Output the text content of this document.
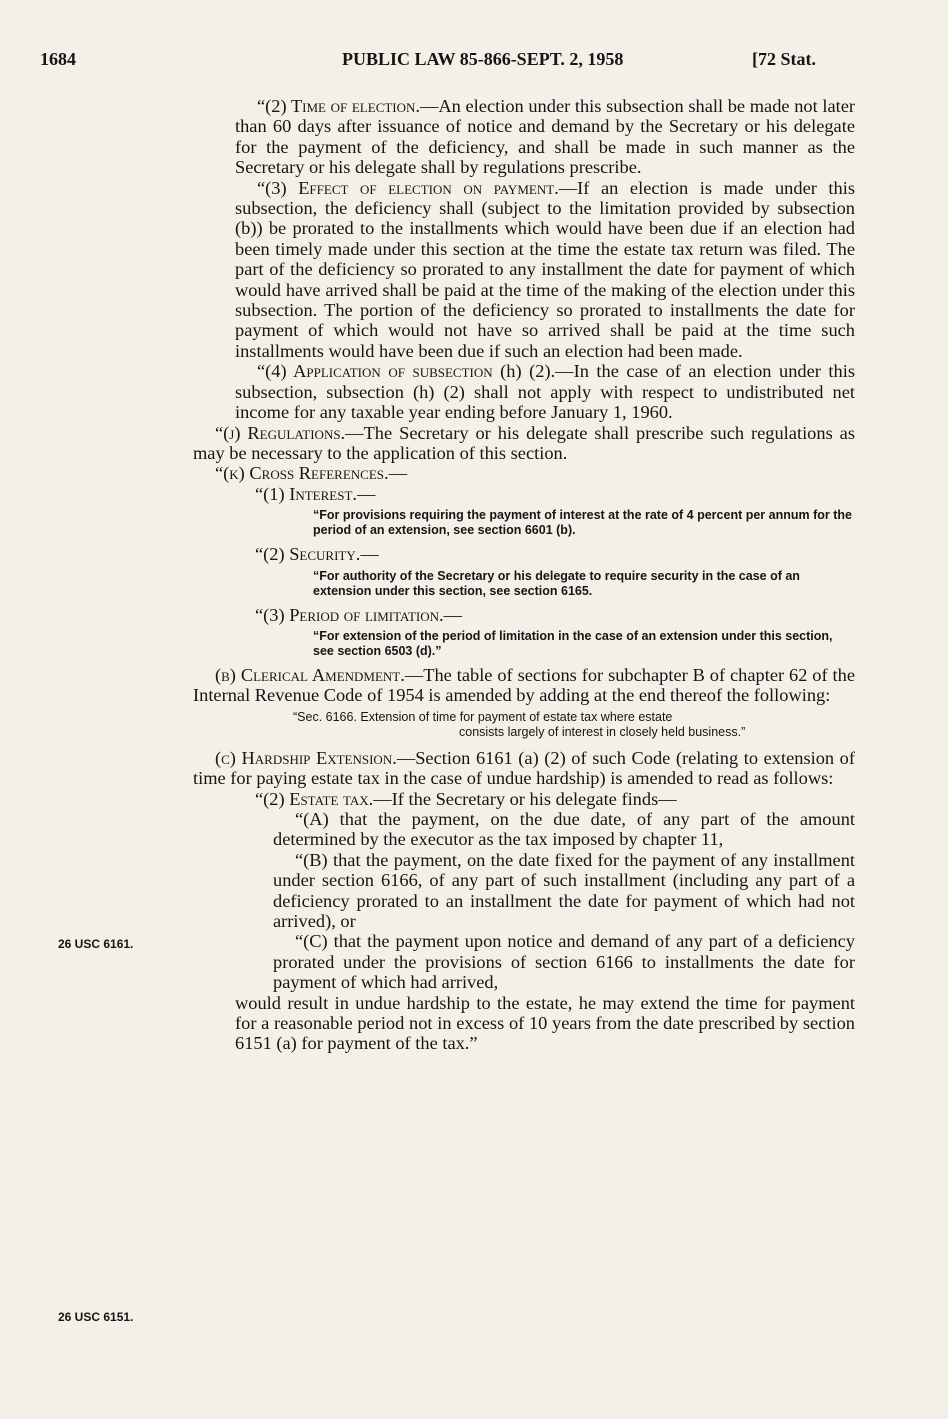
1684	PUBLIC LAW 85-866-SEPT. 2, 1958	[72 Stat.
26 USC 6161.
26 USC 6151.

“(2) Time of election.—An election under this subsection shall be made not later than 60 days after issuance of notice and demand by the Secretary or his delegate for the payment of the deficiency, and shall be made in such manner as the Secretary or his delegate shall by regulations prescribe.

“(3) Effect of election on payment.—If an election is made under this subsection, the deficiency shall (subject to the limitation provided by subsection (b)) be prorated to the installments which would have been due if an election had been timely made under this section at the time the estate tax return was filed. The part of the deficiency so prorated to any installment the date for payment of which would have arrived shall be paid at the time of the making of the election under this subsection. The portion of the deficiency so prorated to installments the date for payment of which would not have so arrived shall be paid at the time such installments would have been due if such an election had been made.

“(4) Application of subsection (h) (2).—In the case of an election under this subsection, subsection (h) (2) shall not apply with respect to undistributed net income for any taxable year ending before January 1, 1960.

“(j) Regulations.—The Secretary or his delegate shall prescribe such regulations as may be necessary to the application of this section.

“(k) Cross References.—

“(1) Interest.—

“For provisions requiring the payment of interest at the rate of 4 percent per annum for the period of an extension, see section 6601 (b).

“(2) Security.—

“For authority of the Secretary or his delegate to require security in the case of an extension under this section, see section 6165.

“(3) Period of limitation.—

“For extension of the period of limitation in the case of an extension under this section, see section 6503 (d).”

(b) Clerical Amendment.—The table of sections for subchapter B of chapter 62 of the Internal Revenue Code of 1954 is amended by adding at the end thereof the following:

“Sec. 6166. Extension of time for payment of estate tax where estate
consists largely of interest in closely held business.”

(c) Hardship Extension.—Section 6161 (a) (2) of such Code (relating to extension of time for paying estate tax in the case of undue hardship) is amended to read as follows:

“(2) Estate tax.—If the Secretary or his delegate finds—

“(A) that the payment, on the due date, of any part of the amount determined by the executor as the tax imposed by chapter 11,

“(B) that the payment, on the date fixed for the payment of any installment under section 6166, of any part of such installment (including any part of a deficiency prorated to an installment the date for payment of which had not arrived), or

“(C) that the payment upon notice and demand of any part of a deficiency prorated under the provisions of section 6166 to installments the date for payment of which had arrived,

would result in undue hardship to the estate, he may extend the time for payment for a reasonable period not in excess of 10 years from the date prescribed by section 6151 (a) for payment of the tax.”
